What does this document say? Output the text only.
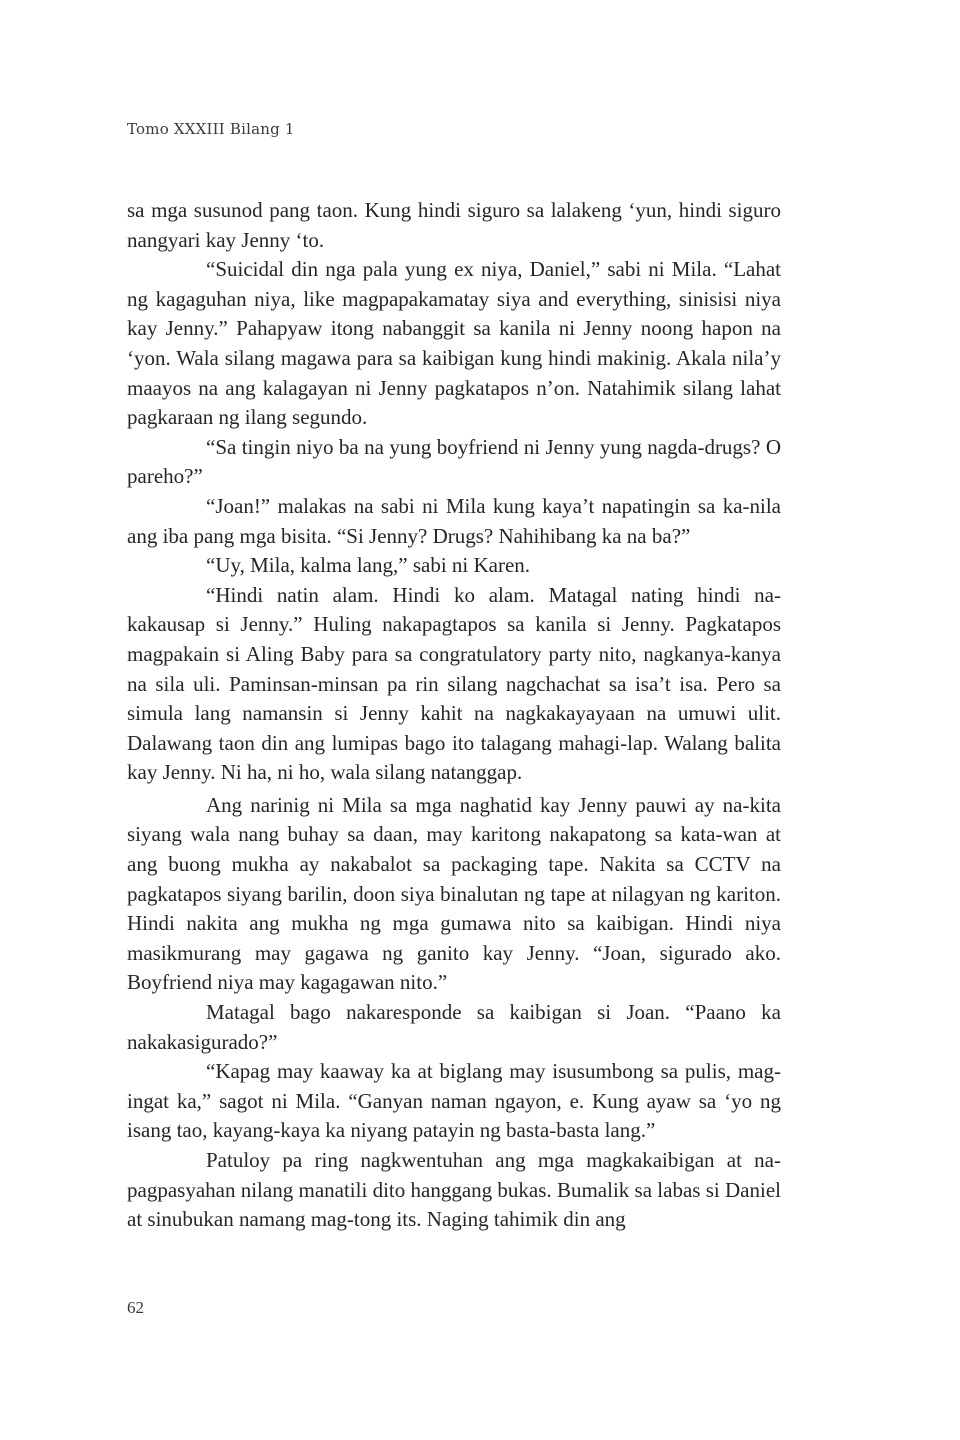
Tomo XXXIII Bilang 1

sa mga susunod pang taon. Kung hindi siguro sa lalakeng ‘yun, hindi siguro nangyari kay Jenny ‘to.

“Suicidal din nga pala yung ex niya, Daniel,” sabi ni Mila. “Lahat ng kagaguhan niya, like magpapakamatay siya and everything, sinisisi niya kay Jenny.” Pahapyaw itong nabanggit sa kanila ni Jenny noong hapon na ‘yon. Wala silang magawa para sa kaibigan kung hindi makinig. Akala nila’y maayos na ang kalagayan ni Jenny pagkatapos n’on. Natahimik silang lahat pagkaraan ng ilang segundo.

“Sa tingin niyo ba na yung boyfriend ni Jenny yung nagda-drugs? O pareho?”

“Joan!” malakas na sabi ni Mila kung kaya’t napatingin sa ka-nila ang iba pang mga bisita. “Si Jenny? Drugs? Nahihibang ka na ba?”

“Uy, Mila, kalma lang,” sabi ni Karen.

“Hindi natin alam. Hindi ko alam. Matagal nating hindi na-kakausap si Jenny.” Huling nakapagtapos sa kanila si Jenny. Pagkatapos magpakain si Aling Baby para sa congratulatory party nito, nagkanya-kanya na sila uli. Paminsan-minsan pa rin silang nagchachat sa isa’t isa. Pero sa simula lang namansin si Jenny kahit na nagkakayayaan na umuwi ulit. Dalawang taon din ang lumipas bago ito talagang mahagi-lap. Walang balita kay Jenny. Ni ha, ni ho, wala silang natanggap.

Ang narinig ni Mila sa mga naghatid kay Jenny pauwi ay na-kita siyang wala nang buhay sa daan, may karitong nakapatong sa kata-wan at ang buong mukha ay nakabalot sa packaging tape. Nakita sa CCTV na pagkatapos siyang barilin, doon siya binalutan ng tape at nilagyan ng kariton. Hindi nakita ang mukha ng mga gumawa nito sa kaibigan. Hindi niya masikmurang may gagawa ng ganito kay Jenny. “Joan, sigurado ako. Boyfriend niya may kagagawan nito.”

Matagal bago nakaresponde sa kaibigan si Joan. “Paano ka nakakasigurado?”

“Kapag may kaaway ka at biglang may isusumbong sa pulis, mag-ingat ka,” sagot ni Mila. “Ganyan naman ngayon, e. Kung ayaw sa ‘yo ng isang tao, kayang-kaya ka niyang patayin ng basta-basta lang.”

Patuloy pa ring nagkwentuhan ang mga magkakaibigan at na-pagpasyahan nilang manatili dito hanggang bukas. Bumalik sa labas si Daniel at sinubukan namang mag-tong its. Naging tahimik din ang

62
